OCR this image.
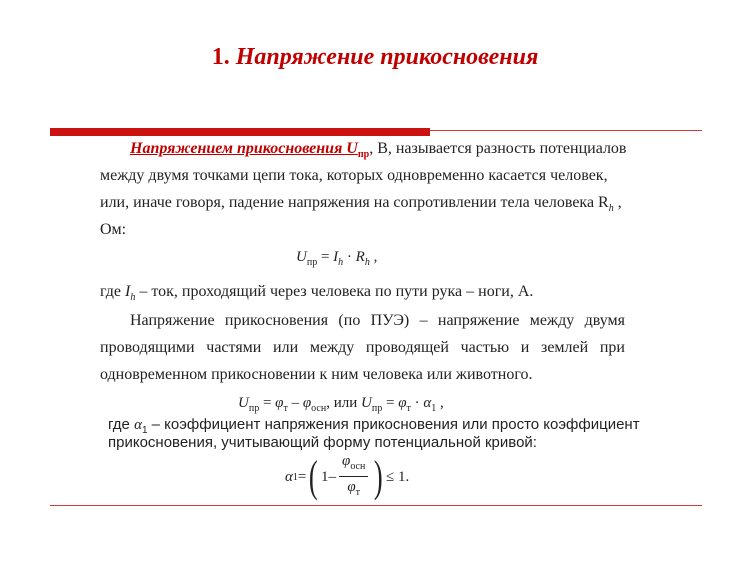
1. Напряжение прикосновения
Напряжением прикосновения $U_{пр}$, В, называется разность потенциалов
между двумя точками цепи тока, которых одновременно касается человек,
или, иначе говоря, падение напряжения на сопротивлении тела человека $R_h$ ,
Ом:
$U_{пр} = I_h \cdot R_h$ ,
где $I_h$ – ток, проходящий через человека по пути рука – ноги, А.
Напряжение прикосновения (по ПУЭ) – напряжение между двумя
проводящими частями или между проводящей частью и землей при
одновременном прикосновении к ним человека или животного.
$U_{пр} = \varphi_т - \varphi_{осн}$, или $U_{пр} = \varphi_т \cdot \alpha_1$ ,
где $\alpha_1$ – коэффициент напряжения прикосновения или просто коэффициент
прикосновения, учитывающий форму потенциальной кривой:
α 1 = ( $1 - \frac{\varphi_{осн}}{\varphi_т}$ ) ≤ 1 .
